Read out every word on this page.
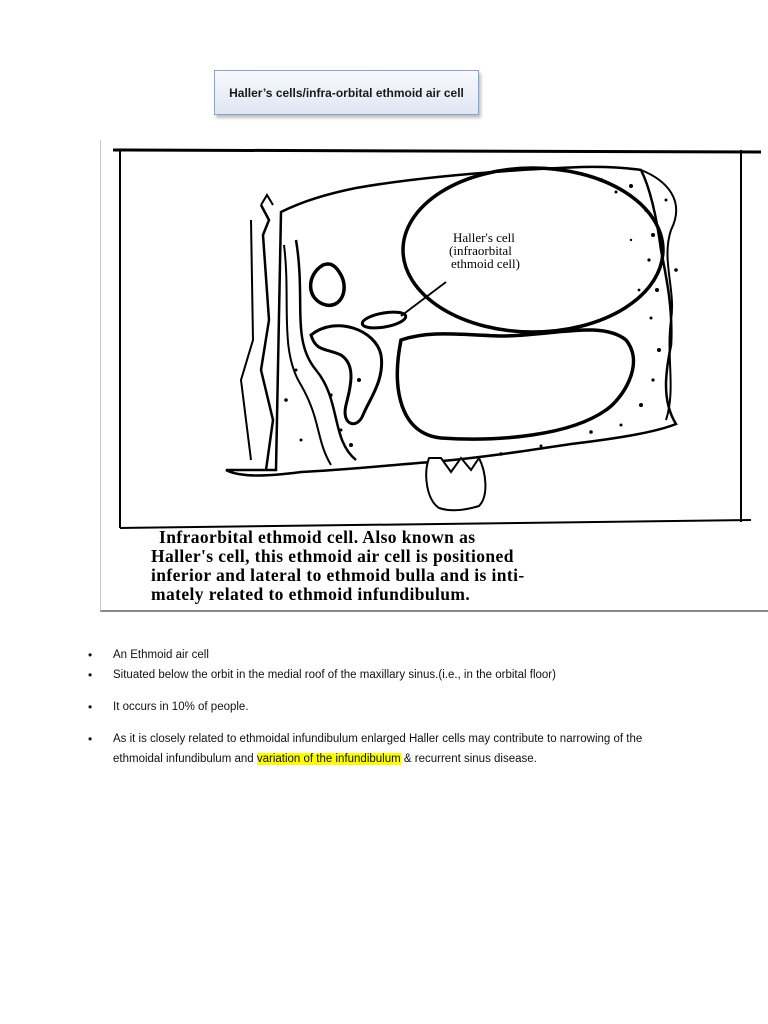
Haller’s cells/infra-orbital ethmoid air cell
Haller's cell
(infraorbital
ethmoid cell)
Infraorbital ethmoid cell. Also known as
Haller's cell, this ethmoid air cell is positioned
inferior and lateral to ethmoid bulla and is inti-
mately related to ethmoid infundibulum.
• An Ethmoid air cell
• Situated below the orbit in the medial roof of the maxillary sinus.(i.e., in the orbital floor)
• It occurs in 10% of people.
• As it is closely related to ethmoidal infundibulum enlarged Haller cells may contribute to narrowing of the ethmoidal infundibulum and variation of the infundibulum & recurrent sinus disease.
